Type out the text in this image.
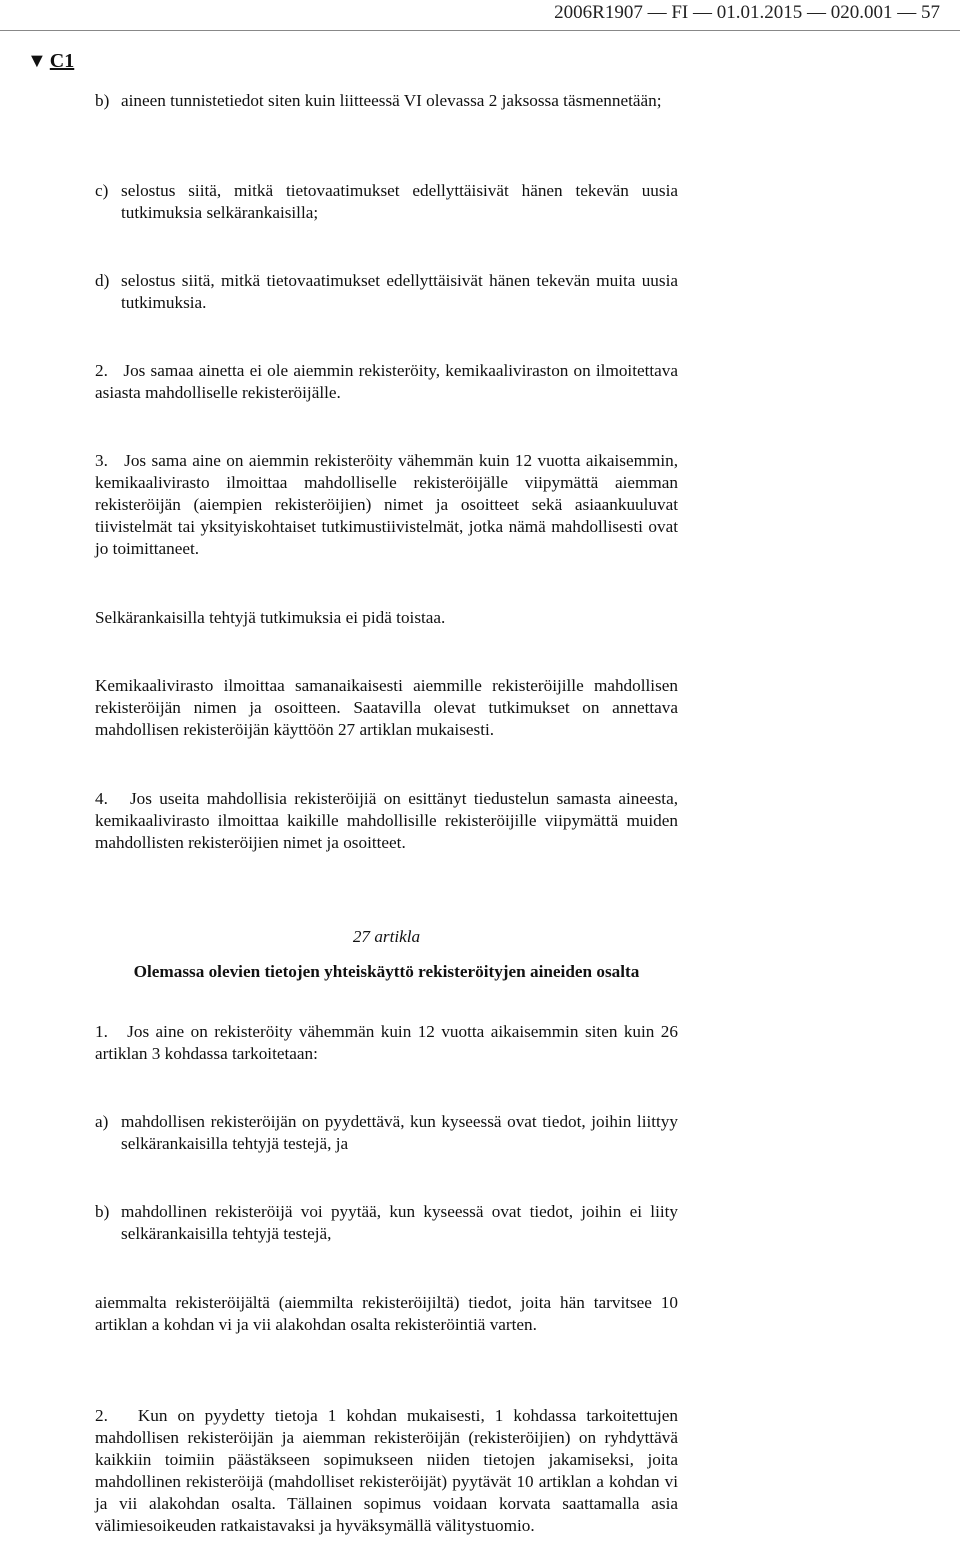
2006R1907 — FI — 01.01.2015 — 020.001 — 57
▼ C1
b) aineen tunnistetiedot siten kuin liitteessä VI olevassa 2 jaksossa täsmennetään;
c) selostus siitä, mitkä tietovaatimukset edellyttäisivät hänen tekevän uusia tutkimuksia selkärankaisilla;
d) selostus siitä, mitkä tietovaatimukset edellyttäisivät hänen tekevän muita uusia tutkimuksia.

2.   Jos samaa ainetta ei ole aiemmin rekisteröity, kemikaaliviraston on ilmoitettava asiasta mahdolliselle rekisteröijälle.

3.   Jos sama aine on aiemmin rekisteröity vähemmän kuin 12 vuotta aikaisemmin, kemikaalivirasto ilmoittaa mahdolliselle rekisteröijälle viipymättä aiemman rekisteröijän (aiempien rekisteröijien) nimet ja osoitteet sekä asiaankuuluvat tiivistelmät tai yksityiskohtaiset tutkimustiivistelmät, jotka nämä mahdollisesti ovat jo toimittaneet.

Selkärankaisilla tehtyjä tutkimuksia ei pidä toistaa.

Kemikaalivirasto ilmoittaa samanaikaisesti aiemmille rekisteröijille mahdollisen rekisteröijän nimen ja osoitteen. Saatavilla olevat tutkimukset on annettava mahdollisen rekisteröijän käyttöön 27 artiklan mukaisesti.

4.   Jos useita mahdollisia rekisteröijiä on esittänyt tiedustelun samasta aineesta, kemikaalivirasto ilmoittaa kaikille mahdollisille rekisteröijille viipymättä muiden mahdollisten rekisteröijien nimet ja osoitteet.

27 artikla

Olemassa olevien tietojen yhteiskäyttö rekisteröityjen aineiden osalta

1.   Jos aine on rekisteröity vähemmän kuin 12 vuotta aikaisemmin siten kuin 26 artiklan 3 kohdassa tarkoitetaan:

a) mahdollisen rekisteröijän on pyydettävä, kun kyseessä ovat tiedot, joihin liittyy selkärankaisilla tehtyjä testejä, ja
b) mahdollinen rekisteröijä voi pyytää, kun kyseessä ovat tiedot, joihin ei liity selkärankaisilla tehtyjä testejä,

aiemmalta rekisteröijältä (aiemmilta rekisteröijiltä) tiedot, joita hän tarvitsee 10 artiklan a kohdan vi ja vii alakohdan osalta rekisteröintiä varten.

2.   Kun on pyydetty tietoja 1 kohdan mukaisesti, 1 kohdassa tarkoitettujen mahdollisen rekisteröijän ja aiemman rekisteröijän (rekisteröijien) on ryhdyttävä kaikkiin toimiin päästäkseen sopimukseen niiden tietojen jakamiseksi, joita mahdollinen rekisteröijä (mahdolliset rekisteröijät) pyytävät 10 artiklan a kohdan vi ja vii alakohdan osalta. Tällainen sopimus voidaan korvata saattamalla asia välimiesoikeuden ratkaistavaksi ja hyväksymällä välitystuomio.
